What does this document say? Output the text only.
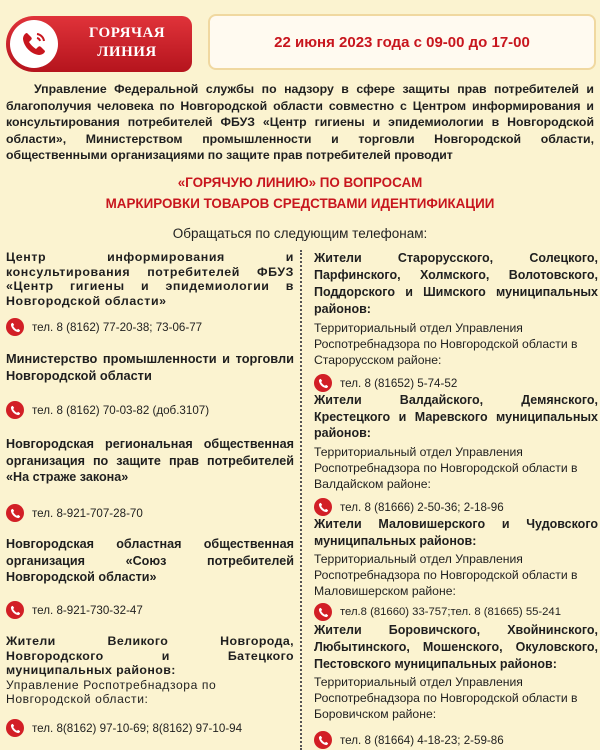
ГОРЯЧАЯ
ЛИНИЯ
22 июня 2023 года с 09-00 до 17-00
Управление Федеральной службы по надзору в сфере защиты прав потребителей и благополучия человека по Новгородской области совместно с Центром информирования и консультирования потребителей ФБУЗ «Центр гигиены и эпидемиологии в Новгородской области», Министерством промышленности и торговли Новгородской области, общественными организациями по защите прав потребителей проводит
«ГОРЯЧУЮ ЛИНИЮ» ПО ВОПРОСАМ
МАРКИРОВКИ ТОВАРОВ СРЕДСТВАМИ ИДЕНТИФИКАЦИИ
Обращаться по следующим телефонам:
Центр информирования и консультирования потребителей ФБУЗ «Центр гигиены и эпидемиологии в Новгородской области»
тел. 8 (8162) 77-20-38; 73-06-77
Министерство промышленности и торговли Новгородской области
тел. 8 (8162) 70-03-82 (доб.3107)
Новгородская региональная общественная организация по защите прав потребителей «На страже закона»
тел. 8-921-707-28-70
Новгородская областная общественная организация «Союз потребителей Новгородской области»
тел. 8-921-730-32-47
Жители Великого Новгорода, Новгородского и Батецкого муниципальных районов:
Управление Роспотребнадзора по Новгородской области:
тел. 8(8162) 97-10-69; 8(8162) 97-10-94
Жители Старорусского, Солецкого, Парфинского, Холмского, Волотовского, Поддорского и Шимского муниципальных районов:
Территориальный отдел Управления Роспотребнадзора по Новгородской области в Старорусском районе:
тел. 8 (81652) 5-74-52
Жители Валдайского, Демянского, Крестецкого и Маревского муниципальных районов:
Территориальный отдел Управления Роспотребнадзора по Новгородской области в Валдайском районе:
тел. 8 (81666) 2-50-36; 2-18-96
Жители Маловишерского и Чудовского муниципальных районов:
Территориальный отдел Управления Роспотребнадзора по Новгородской области в Маловишерском районе:
тел.8 (81660) 33-757;тел. 8 (81665) 55-241
Жители Боровичского, Хвойнинского, Любытинского, Мошенского, Окуловского, Пестовского муниципальных районов:
Территориальный отдел Управления Роспотребнадзора по Новгородской области в Боровичском районе:
тел. 8 (81664) 4-18-23; 2-59-86
